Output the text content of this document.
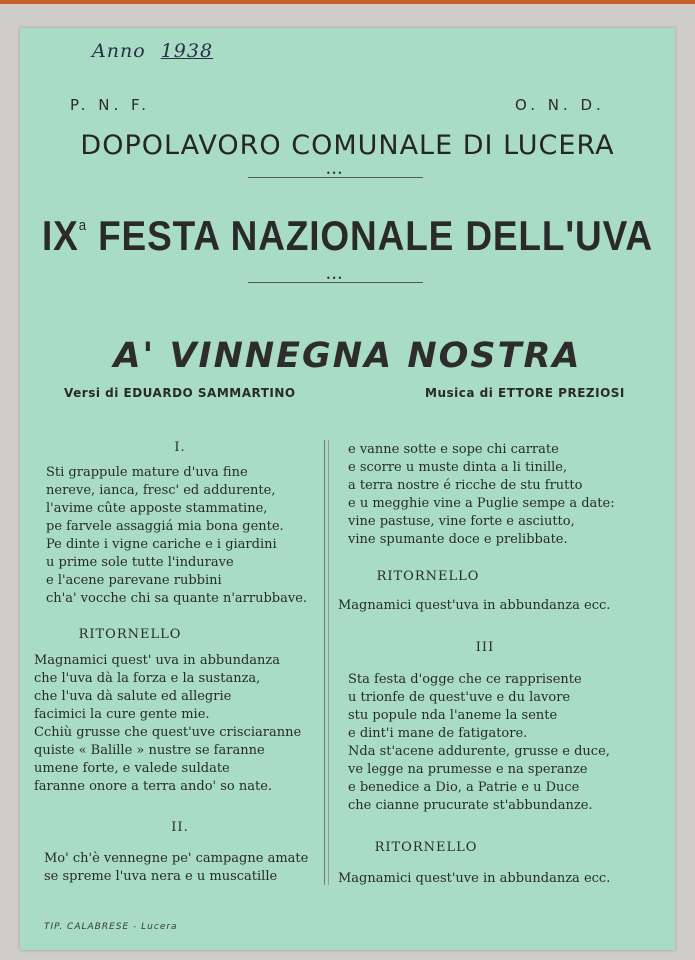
Anno 1938
P. N. F.	O. N. D.
DOPOLAVORO COMUNALE DI LUCERA
•••
$IX^a$ FESTA NAZIONALE DELL'UVA
•••
A' VINNEGNA NOSTRA
Versi di EDUARDO SAMMARTINO	Musica di ETTORE PREZIOSI
I.
Sti grappule mature d'uva fine
nereve, ianca, fresc' ed addurente,
l'avime cûte apposte stammatine,
pe farvele assaggiá mia bona gente.
Pe dinte i vigne cariche e i giardini
u prime sole tutte l'indurave
e l'acene parevane rubbini
ch'a' vocche chi sa quante n'arrubbave.
RITORNELLO
Magnamici quest' uva in abbundanza
che l'uva dà la forza e la sustanza,
che l'uva dà salute ed allegrie
facimici la cure gente mie.
Cchiù grusse che quest'uve crisciaranne
quiste « Balille » nustre se faranne
umene forte, e valede suldate
faranne onore a terra ando' so nate.
II.
Mo' ch'è vennegne pe' campagne amate
se spreme l'uva nera e u muscatille
e vanne sotte e sope chi carrate
e scorre u muste dinta a li tinille,
a terra nostre é ricche de stu frutto
e u megghie vine a Puglie sempe a date:
vine pastuse, vine forte e asciutto,
vine spumante doce e prelibbate.
RITORNELLO
Magnamici quest'uva in abbundanza ecc.
III
Sta festa d'ogge che ce rapprisente
u trionfe de quest'uve e du lavore
stu populе nda l'aneme la sente
e dint'i mane de fatigatore.
Nda st'acene addurente, grusse e duce,
ve legge na prumesse e na speranze
e benedice a Dio, a Patrie e u Duce
che cianne prucurate st'abbundanze.
RITORNELLO
Magnamici quest'uve in abbundanza ecc.
TIP. CALABRESE - Lucera
